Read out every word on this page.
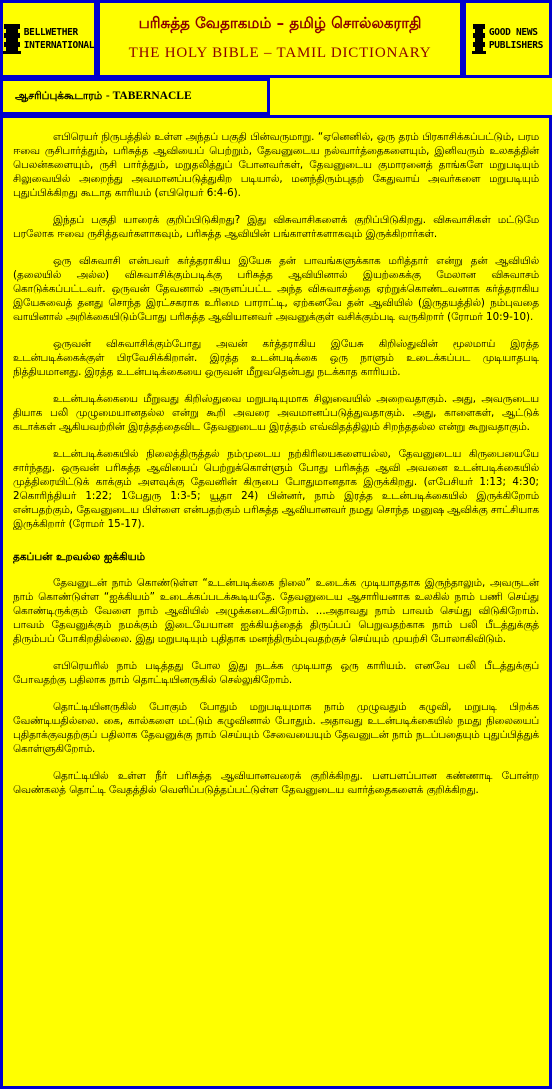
BELLWETHER
INTERNATIONAL
பரிசுத்த வேதாகமம் – தமிழ் சொல்லகராதி
THE HOLY BIBLE – TAMIL DICTIONARY
GOOD NEWS
PUBLISHERS
ஆசரிப்புக்கூடாரம் - TABERNACLE

எபிரெயர் நிருபத்தில் உள்ள அந்தப் பகுதி பின்வருமாறு. “ஏனெனில், ஒரு தரம் பிரகாசிக்கப்பட்டும், பரம ஈவை ருசிபார்த்தும், பரிசுத்த ஆவியைப் பெற்றும், தேவனுடைய நல்வார்த்தைகளையும், இனிவரும் உலகத்தின் பெலன்களையும், ருசி பார்த்தும், மறுதலித்துப் போனவர்கள், தேவனுடைய குமாரனைத் தாங்களே மறுபடியும் சிலுவையில் அறைந்து அவமானப்படுத்துகிற படியால், மனந்திரும்புதற் கேதுவாய் அவர்களை மறுபடியும் புதுப்பிக்கிறது கூடாத காரியம் (எபிரெயர் 6:4-6).

இந்தப் பகுதி யாரைக் குறிப்பிடுகிறது? இது விசுவாசிகளைக் குறிப்பிடுகிறது. விசுவாசிகள் மட்டுமே பரலோக ஈவை ருசித்தவர்களாகவும், பரிசுத்த ஆவியின் பங்காளர்களாகவும் இருக்கிறார்கள்.

ஒரு விசுவாசி என்பவர் கர்த்தராகிய இயேசு தன் பாவங்களுக்காக மரித்தார் என்று தன் ஆவியில் (தலையில் அல்ல) விசுவாசிக்கும்படிக்கு பரிசுத்த ஆவியினால் இயற்கைக்கு மேலான விசுவாசம் கொடுக்கப்பட்டவர். ஒருவன் தேவனால் அருளப்பட்ட அந்த விசுவாசத்தை ஏற்றுக்கொண்டவனாக கர்த்தராகிய இயேசுவைத் தனது சொந்த இரட்சகராக உரிமை பாராட்டி, ஏற்கனவே தன் ஆவியில் (இருதயத்தில்) நம்புவதை வாயினால் அறிக்கையிடும்போது பரிசுத்த ஆவியானவர் அவனுக்குள் வசிக்கும்படி வருகிறார் (ரோமர் 10:9-10).

ஒருவன் விசுவாசிக்கும்போது அவன் கர்த்தராகிய இயேசு கிறிஸ்துவின் மூலமாய் இரத்த உடன்படிக்கைக்குள் பிரவேசிக்கிறான். இரத்த உடன்படிக்கை ஒரு நாளும் உடைக்கப்பட முடியாதபடி நித்தியமானது. இரத்த உடன்படிக்கையை ஒருவன் மீறுவதென்பது நடக்காத காரியம்.

உடன்படிக்கையை மீறுவது கிறிஸ்துவை மறுபடியுமாக சிலுவையில் அறைவதாகும். அது, அவருடைய தியாக பலி முழுமையானதல்ல என்று கூறி அவரை அவமானப்படுத்துவதாகும். அது, காளைகள், ஆட்டுக் கடாக்கள் ஆகியவற்றின் இரத்தத்தைவிட தேவனுடைய இரத்தம் எவ்விதத்திலும் சிறந்ததல்ல என்று கூறுவதாகும்.

உடன்படிக்கையில் நிலைத்திருத்தல் நம்முடைய நற்கிரியைகளையல்ல, தேவனுடைய கிருபையையே சார்ந்தது. ஒருவன் பரிசுத்த ஆவியைப் பெற்றுக்கொள்ளும் போது பரிசுத்த ஆவி அவனை உடன்படிக்கையில் முத்திரையிட்டுக் காக்கும் அளவுக்கு தேவனின் கிருபை போதுமானதாக இருக்கிறது. (எபேசியர் 1:13; 4:30; 2கொரிந்தியர் 1:22; 1பேதுரு 1:3-5; யூதா 24) பின்னர், நாம் இரத்த உடன்படிக்கையில் இருக்கிறோம் என்பதற்கும், தேவனுடைய பிள்ளை என்பதற்கும் பரிசுத்த ஆவியானவர் நமது சொந்த மனுஷ ஆவிக்கு சாட்சியாக இருக்கிறார் (ரோமர் 15-17).

தகப்பன் உறவல்ல ஐக்கியம்

தேவனுடன் நாம் கொண்டுள்ள “உடன்படிக்கை நிலை” உடைக்க முடியாததாக இருந்தாலும், அவருடன் நாம் கொண்டுள்ள “ஐக்கியம்” உடைக்கப்படக்கூடியதே. தேவனுடைய ஆசாரியனாக உலகில் நாம் பணி செய்து கொண்டிருக்கும் வேளை நாம் ஆவியில் அழுக்கடைகிறோம். ...அதாவது நாம் பாவம் செய்து விடுகிறோம். பாவம் தேவனுக்கும் நமக்கும் இடையேயான ஐக்கியத்தைத் திருப்பப் பெறுவதற்காக நாம் பலி பீடத்துக்குத் திரும்பப் போகிறதில்லை. இது மறுபடியும் புதிதாக மனந்திரும்புவதற்குச் செய்யும் முயற்சி போலாகிவிடும்.

எபிரெயரில் நாம் படித்தது போல இது நடக்க முடியாத ஒரு காரியம். எனவே பலி பீடத்துக்குப் போவதற்கு பதிலாக நாம் தொட்டியினருகில் செல்லுகிறோம்.

தொட்டியினருகில் போகும் போதும் மறுபடியுமாக நாம் முழுவதும் கழுவி, மறுபடி பிறக்க வேண்டியதில்லை. கை, கால்களை மட்டும் கழுவினால் போதும். அதாவது உடன்படிக்கையில் நமது நிலையைப் புதிதாக்குவதற்குப் பதிலாக தேவனுக்கு நாம் செய்யும் சேவையையும் தேவனுடன் நாம் நடப்பதையும் புதுப்பித்துக் கொள்ளுகிறோம்.

தொட்டியில் உள்ள நீர் பரிசுத்த ஆவியானவரைக் குறிக்கிறது. பளபளப்பான கண்ணாடி போன்ற வெண்கலத் தொட்டி வேதத்தில் வெளிப்படுத்தப்பட்டுள்ள தேவனுடைய வார்த்தைகளைக் குறிக்கிறது.
